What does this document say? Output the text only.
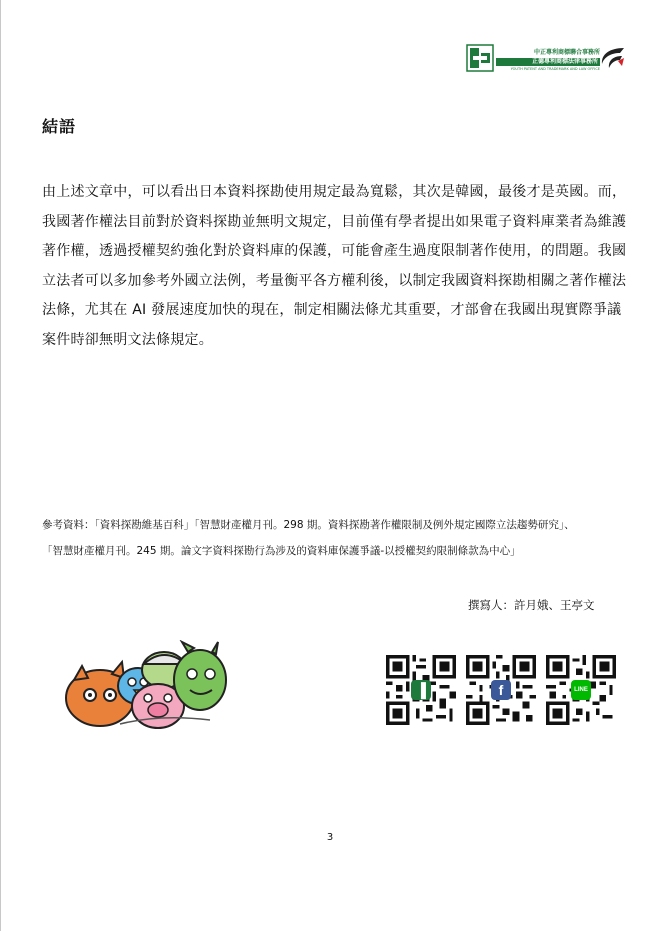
中正專利商標聯合事務所
正德專利商標法律事務所
YOUTH PATENT AND TRADEMARK AND LAW OFFICE
結語

由上述文章中，可以看出日本資料探勘使用規定最為寬鬆，其次是韓國，最後才是英國。而，我國著作權法目前對於資料探勘並無明文規定，目前僅有學者提出如果電子資料庫業者為維護著作權，透過授權契約強化對於資料庫的保護，可能會產生過度限制著作使用，的問題。我國立法者可以多加參考外國立法例，考量衡平各方權利後，以制定我國資料探勘相關之著作權法法條，尤其在 AI 發展速度加快的現在，制定相關法條尤其重要，才部會在我國出現實際爭議案件時卻無明文法條規定。

參考資料：「資料探勘維基百科」「智慧財產權月刊。298 期。資料探勘著作權限制及例外規定國際立法趨勢研究」、
「智慧財產權月刊。245 期。論文字資料探勘行為涉及的資料庫保護爭議-以授權契約限制條款為中心」
撰寫人：許月娥、王亭文
▐	f	LINE
3
